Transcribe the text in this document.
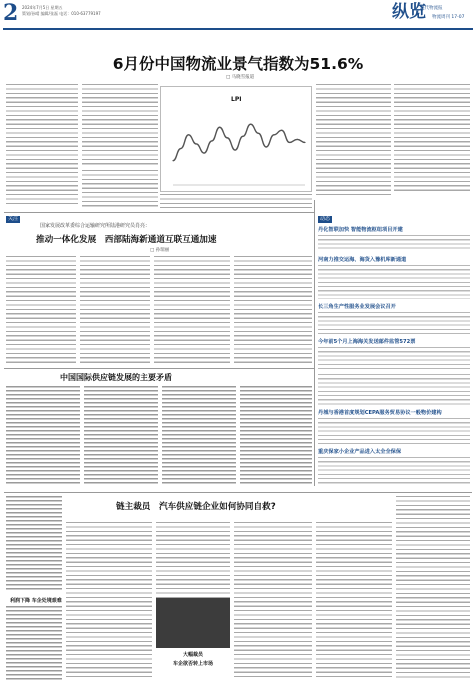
2 2024年7月5日 星期五
策划/孙晴 编辑/张磊 电话：010-63779197	纵览
现代物流报
物流周刊 17-07
6月份中国物流业景气指数为51.6%
□ 马晓雪报道
LPI
关注
国家发展改革委综合运输研究所陆港研究员肖亮：
推动一体化发展　西部陆海新通道互联互通加速
□ 孙瑞丽
动态
丹化智联加快 智能物流枢纽项目开建
河南力推交运海、海货入豫机库新通道
长三角生产性服务业发展会议召开
今年前5个月上海海关发送邮件监管572票
丹城与香港首度规划CEPA服务贸易协议一般物价建构
重庆保家小企业产品进入太全全保保
中国国际供应链发展的主要矛盾
链主裁员　汽车供应链企业如何协同自救?
利润下降 车企处境艰难
大幅裁员
车企欲否转上市场
